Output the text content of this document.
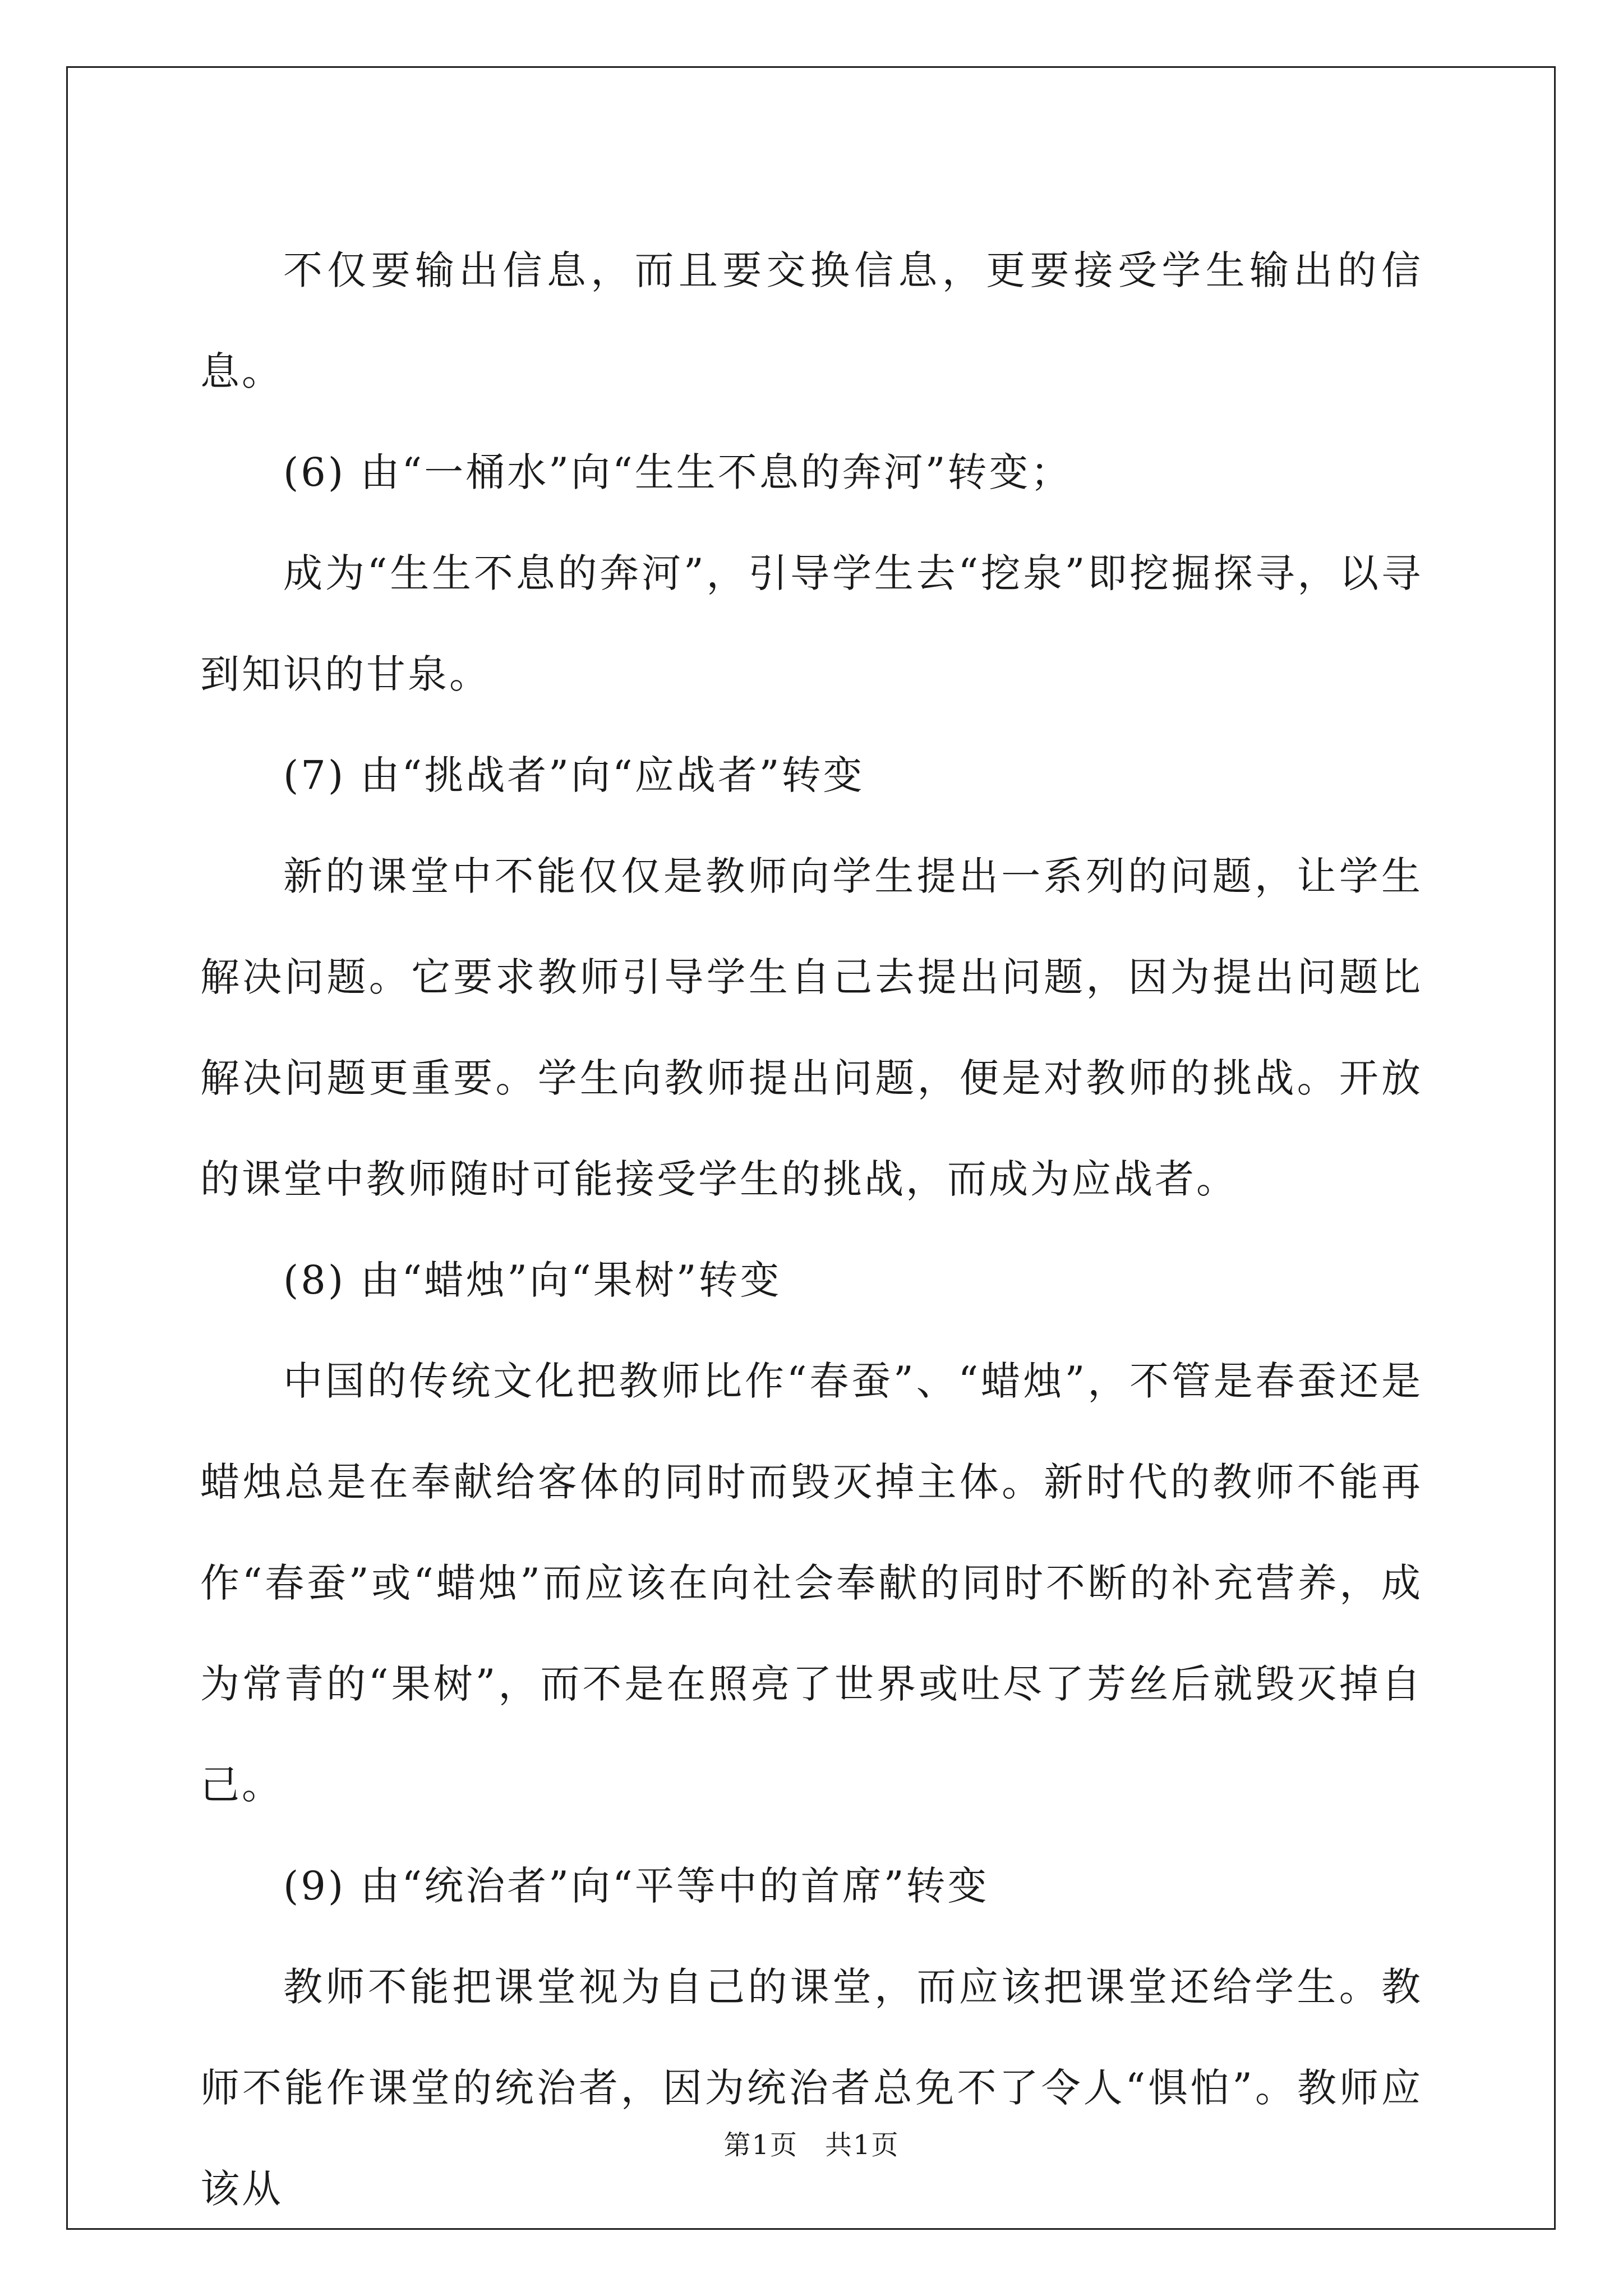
不仅要输出信息，而且要交换信息，更要接受学生输出的信息。

(6) 由“一桶水”向“生生不息的奔河”转变；

成为“生生不息的奔河”，引导学生去“挖泉”即挖掘探寻，以寻到知识的甘泉。

(7) 由“挑战者”向“应战者”转变

新的课堂中不能仅仅是教师向学生提出一系列的问题，让学生解决问题。它要求教师引导学生自己去提出问题，因为提出问题比解决问题更重要。学生向教师提出问题，便是对教师的挑战。开放的课堂中教师随时可能接受学生的挑战，而成为应战者。

(8) 由“蜡烛”向“果树”转变

中国的传统文化把教师比作“春蚕”、“蜡烛”，不管是春蚕还是蜡烛总是在奉献给客体的同时而毁灭掉主体。新时代的教师不能再作“春蚕”或“蜡烛”而应该在向社会奉献的同时不断的补充营养，成为常青的“果树”，而不是在照亮了世界或吐尽了芳丝后就毁灭掉自己。

(9) 由“统治者”向“平等中的首席”转变

教师不能把课堂视为自己的课堂，而应该把课堂还给学生。教师不能作课堂的统治者，因为统治者总免不了令人“惧怕”。教师应该从

第1页 共1页
